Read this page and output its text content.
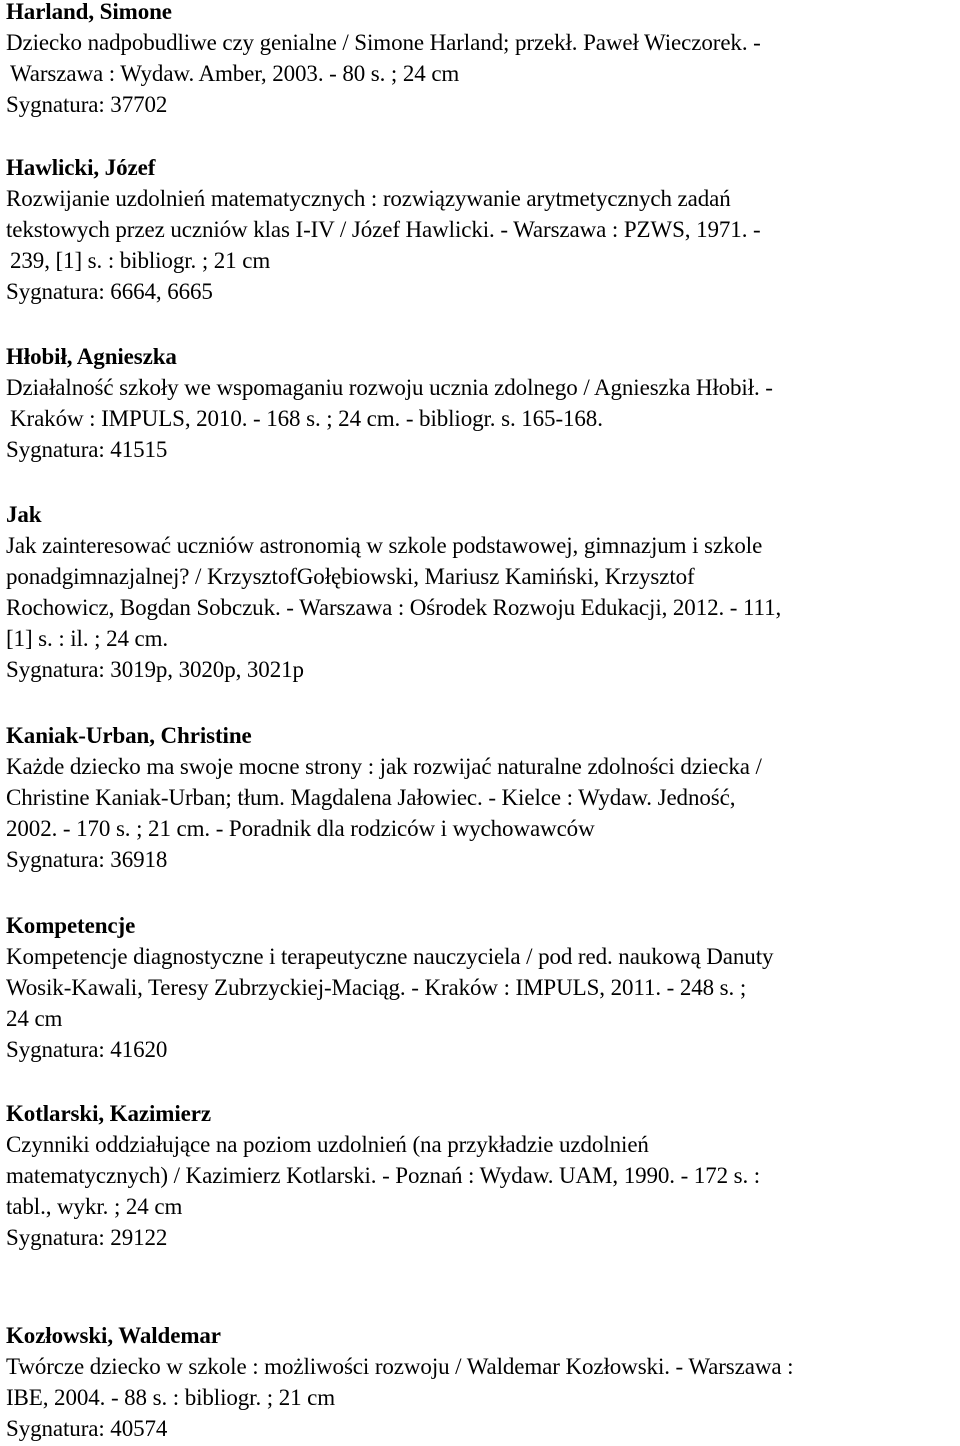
Harland, Simone
Dziecko nadpobudliwe czy genialne / Simone Harland; przekł. Paweł Wieczorek. -
Warszawa : Wydaw. Amber, 2003. - 80 s. ; 24 cm
Sygnatura: 37702
Hawlicki, Józef
Rozwijanie uzdolnień matematycznych : rozwiązywanie arytmetycznych zadań
tekstowych przez uczniów klas I-IV / Józef Hawlicki. - Warszawa : PZWS, 1971. -
239, [1] s. : bibliogr. ; 21 cm
Sygnatura: 6664, 6665
Hłobił, Agnieszka
Działalność szkoły we wspomaganiu rozwoju ucznia zdolnego / Agnieszka Hłobił. -
Kraków : IMPULS, 2010. - 168 s. ; 24 cm. - bibliogr. s. 165-168.
Sygnatura: 41515
Jak
Jak zainteresować uczniów astronomią w szkole podstawowej, gimnazjum i szkole
ponadgimnazjalnej? / KrzysztofGołębiowski, Mariusz Kamiński, Krzysztof
Rochowicz, Bogdan Sobczuk. - Warszawa : Ośrodek Rozwoju Edukacji, 2012. - 111,
[1] s. : il. ; 24 cm.
Sygnatura: 3019p, 3020p, 3021p
Kaniak-Urban, Christine
Każde dziecko ma swoje mocne strony : jak rozwijać naturalne zdolności dziecka /
Christine Kaniak-Urban; tłum. Magdalena Jałowiec. - Kielce : Wydaw. Jedność,
2002. - 170 s. ; 21 cm. - Poradnik dla rodziców i wychowawców
Sygnatura: 36918
Kompetencje
Kompetencje diagnostyczne i terapeutyczne nauczyciela / pod red. naukową Danuty
Wosik-Kawali, Teresy Zubrzyckiej-Maciąg. - Kraków : IMPULS, 2011. - 248 s. ;
24 cm
Sygnatura: 41620
Kotlarski, Kazimierz
Czynniki oddziałujące na poziom uzdolnień (na przykładzie uzdolnień
matematycznych) / Kazimierz Kotlarski. - Poznań : Wydaw. UAM, 1990. - 172 s. :
tabl., wykr. ; 24 cm
Sygnatura: 29122
Kozłowski, Waldemar
Twórcze dziecko w szkole : możliwości rozwoju / Waldemar Kozłowski. - Warszawa :
IBE, 2004. - 88 s. : bibliogr. ; 21 cm
Sygnatura: 40574
